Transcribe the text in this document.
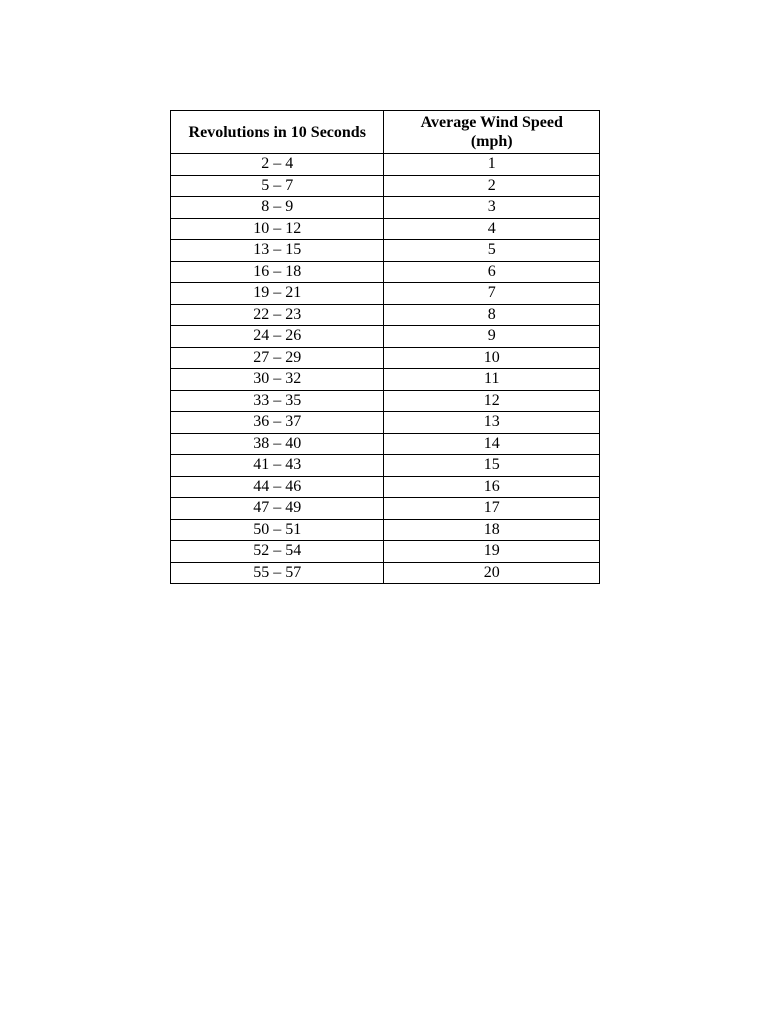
Revolutions in 10 Seconds	Average Wind Speed
(mph)
2 – 4	1
5 – 7	2
8 – 9	3
10 – 12	4
13 – 15	5
16 – 18	6
19 – 21	7
22 – 23	8
24 – 26	9
27 – 29	10
30 – 32	11
33 – 35	12
36 – 37	13
38 – 40	14
41 – 43	15
44 – 46	16
47 – 49	17
50 – 51	18
52 – 54	19
55 – 57	20
